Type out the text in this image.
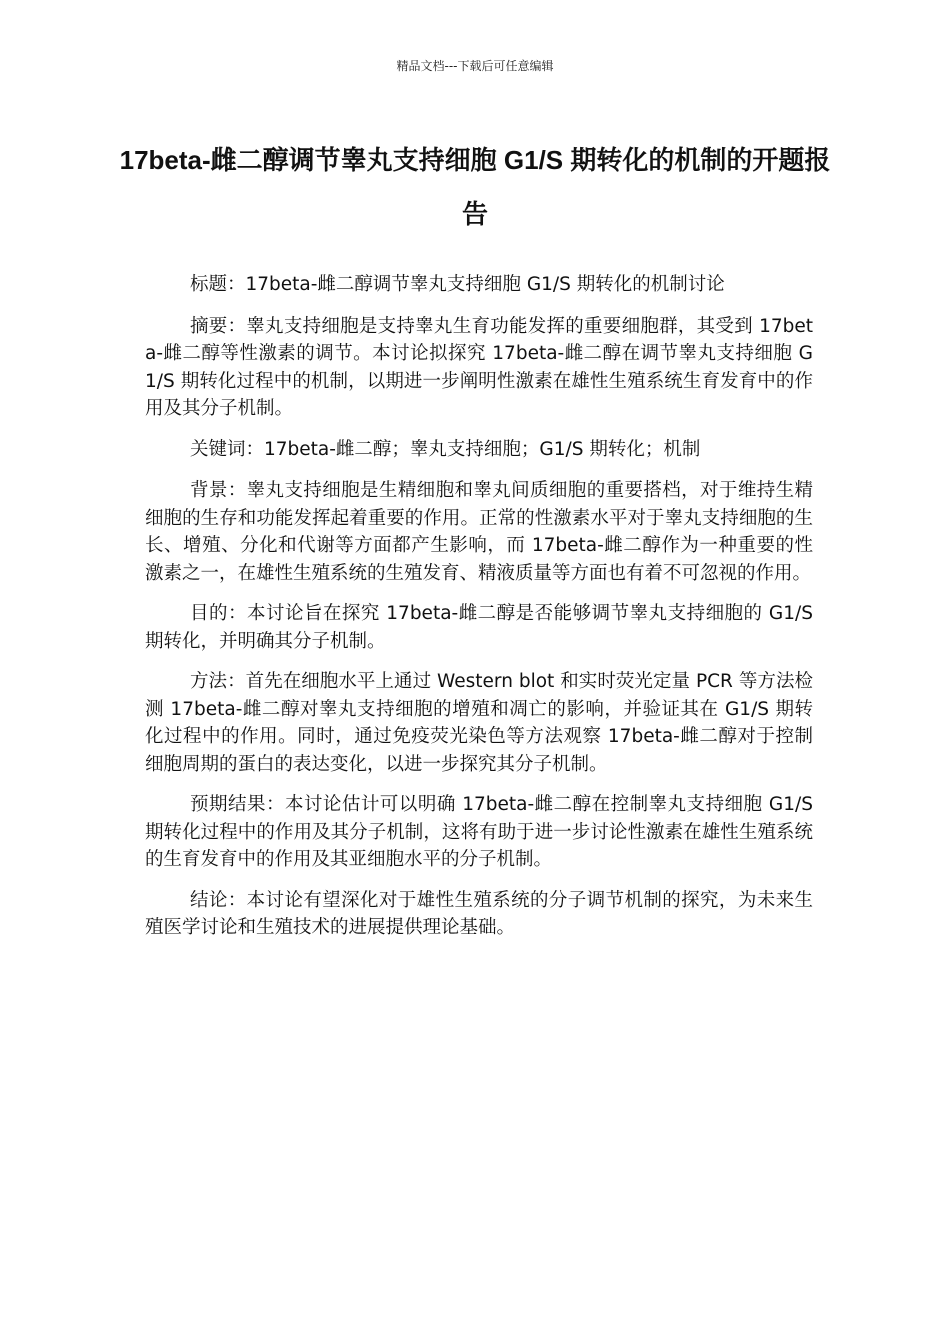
精品文档---下载后可任意编辑
17beta-雌二醇调节睾丸支持细胞 G1/S 期转化的机制的开题报告

标题：17beta-雌二醇调节睾丸支持细胞 G1/S 期转化的机制讨论

摘要：睾丸支持细胞是支持睾丸生育功能发挥的重要细胞群，其受到 17beta-雌二醇等性激素的调节。本讨论拟探究 17beta-雌二醇在调节睾丸支持细胞 G1/S 期转化过程中的机制，以期进一步阐明性激素在雄性生殖系统生育发育中的作用及其分子机制。

关键词：17beta-雌二醇；睾丸支持细胞；G1/S 期转化；机制

背景：睾丸支持细胞是生精细胞和睾丸间质细胞的重要搭档，对于维持生精细胞的生存和功能发挥起着重要的作用。正常的性激素水平对于睾丸支持细胞的生长、增殖、分化和代谢等方面都产生影响，而 17beta-雌二醇作为一种重要的性激素之一，在雄性生殖系统的生殖发育、精液质量等方面也有着不可忽视的作用。

目的：本讨论旨在探究 17beta-雌二醇是否能够调节睾丸支持细胞的 G1/S 期转化，并明确其分子机制。

方法：首先在细胞水平上通过 Western blot 和实时荧光定量 PCR 等方法检测 17beta-雌二醇对睾丸支持细胞的增殖和凋亡的影响，并验证其在 G1/S 期转化过程中的作用。同时，通过免疫荧光染色等方法观察 17beta-雌二醇对于控制细胞周期的蛋白的表达变化，以进一步探究其分子机制。

预期结果：本讨论估计可以明确 17beta-雌二醇在控制睾丸支持细胞 G1/S 期转化过程中的作用及其分子机制，这将有助于进一步讨论性激素在雄性生殖系统的生育发育中的作用及其亚细胞水平的分子机制。

结论：本讨论有望深化对于雄性生殖系统的分子调节机制的探究，为未来生殖医学讨论和生殖技术的进展提供理论基础。
